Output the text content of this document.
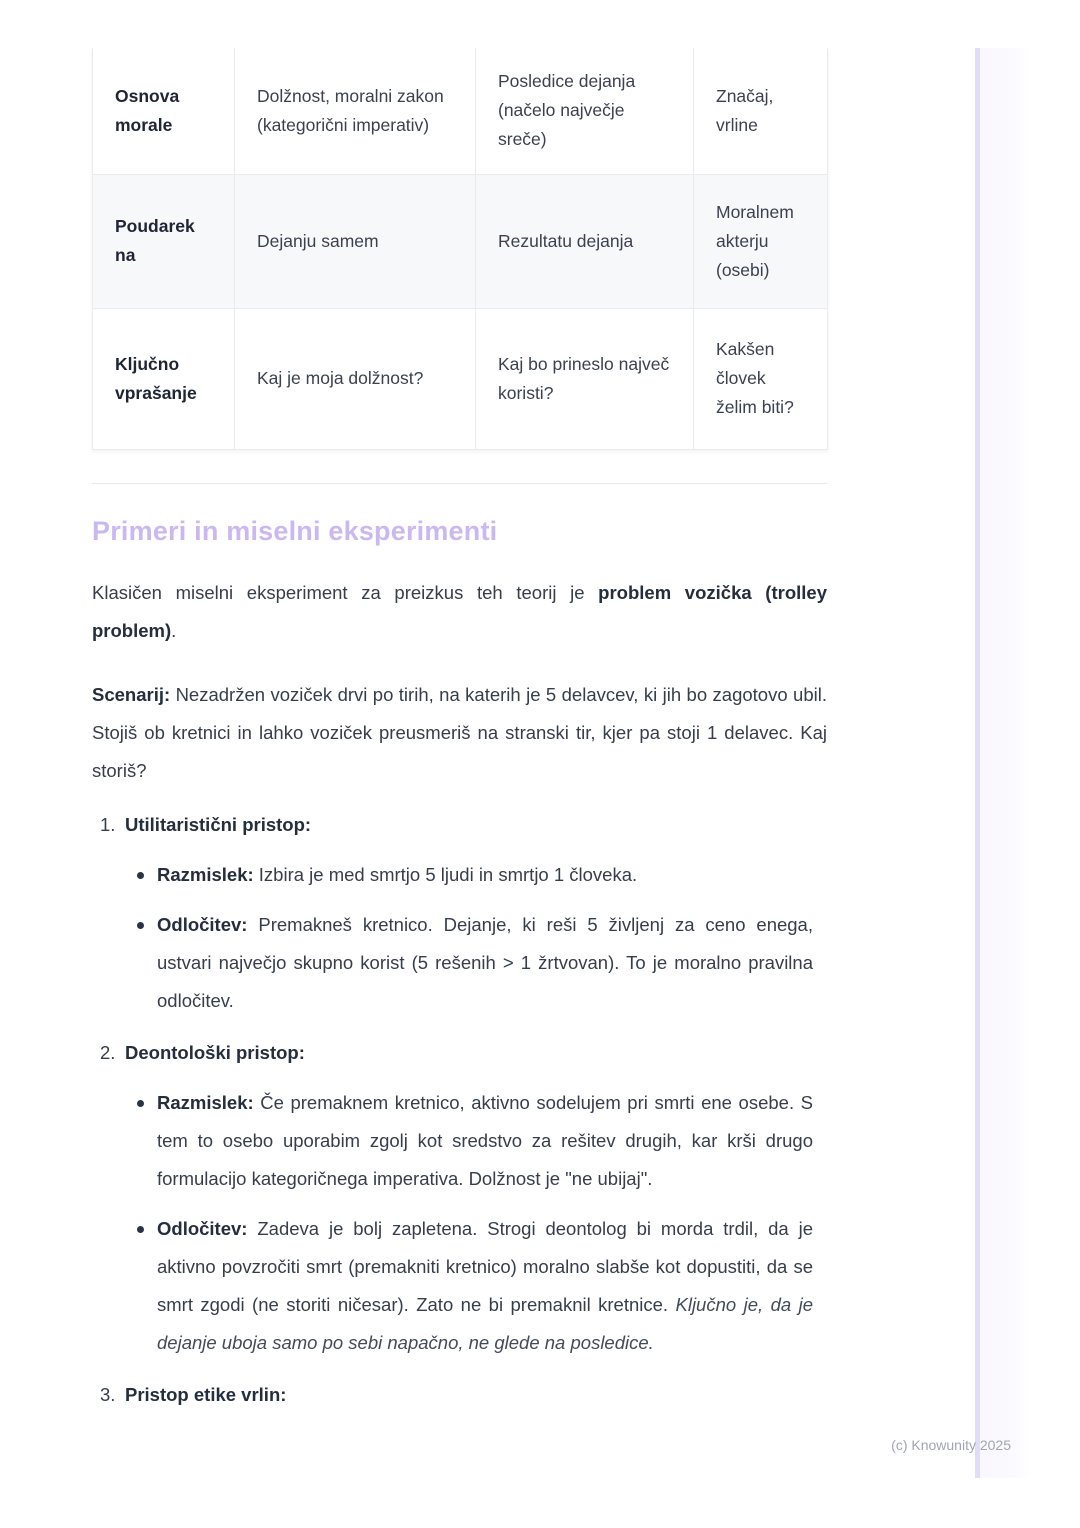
Osnova morale	Dolžnost, moralni zakon (kategorični imperativ)	Posledice dejanja (načelo največje sreče)	Značaj, vrline
Poudarek na	Dejanju samem	Rezultatu dejanja	Moralnem akterju (osebi)
Ključno vprašanje	Kaj je moja dolžnost?	Kaj bo prineslo največ koristi?	Kakšen človek želim biti?
Primeri in miselni eksperimenti

Klasičen miselni eksperiment za preizkus teh teorij je problem vozička (trolley problem).

Scenarij: Nezadržen voziček drvi po tirih, na katerih je 5 delavcev, ki jih bo zagotovo ubil. Stojiš ob kretnici in lahko voziček preusmeriš na stranski tir, kjer pa stoji 1 delavec. Kaj storiš?

1. Utilitaristični pristop:
Razmislek: Izbira je med smrtjo 5 ljudi in smrtjo 1 človeka.
Odločitev: Premakneš kretnico. Dejanje, ki reši 5 življenj za ceno enega, ustvari največjo skupno korist (5 rešenih > 1 žrtvovan). To je moralno pravilna odločitev.
2. Deontološki pristop:
Razmislek: Če premaknem kretnico, aktivno sodelujem pri smrti ene osebe. S tem to osebo uporabim zgolj kot sredstvo za rešitev drugih, kar krši drugo formulacijo kategoričnega imperativa. Dolžnost je "ne ubijaj".
Odločitev: Zadeva je bolj zapletena. Strogi deontolog bi morda trdil, da je aktivno povzročiti smrt (premakniti kretnico) moralno slabše kot dopustiti, da se smrt zgodi (ne storiti ničesar). Zato ne bi premaknil kretnice. Ključno je, da je dejanje uboja samo po sebi napačno, ne glede na posledice.
3. Pristop etike vrlin:
(c) Knowunity 2025
